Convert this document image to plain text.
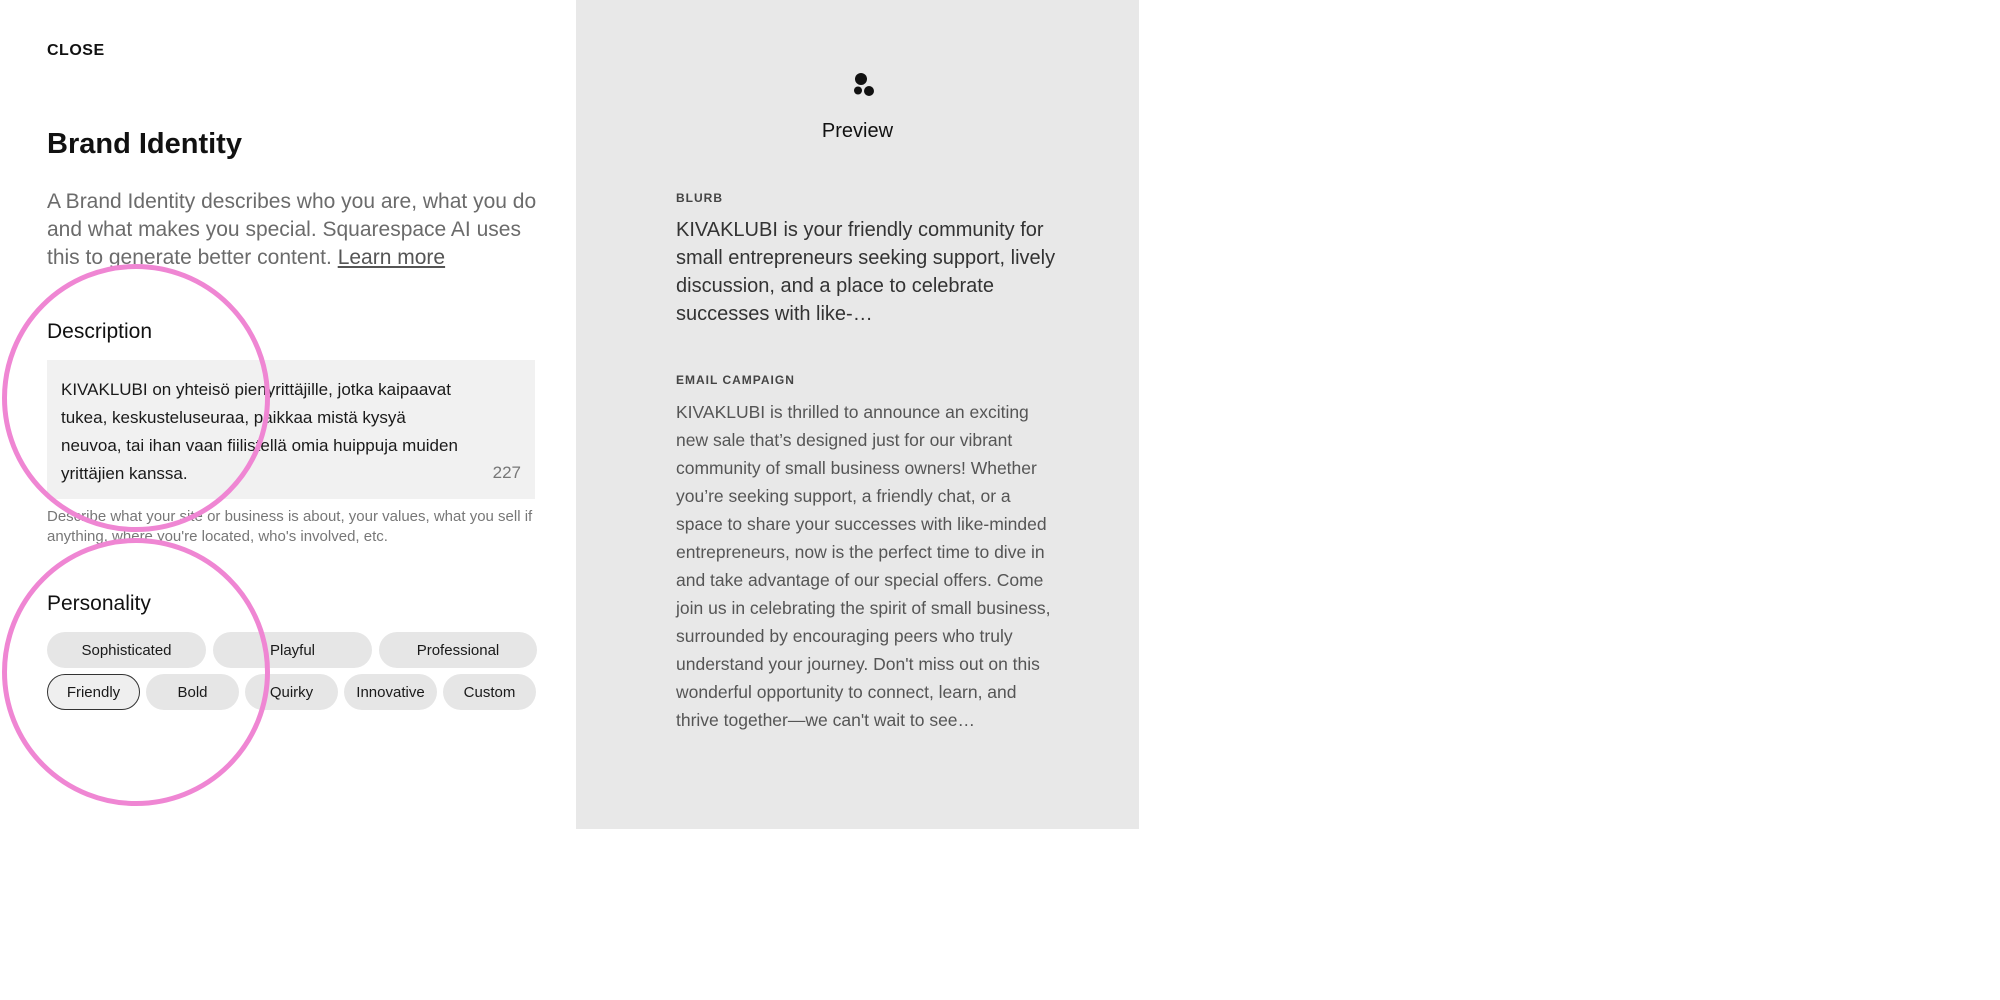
CLOSE
Brand Identity

A Brand Identity describes who you are, what you do and what makes you special. Squarespace AI uses this to generate better content. Learn more

Description
KIVAKLUBI on yhteisö pienyrittäjille, jotka kaipaavat tukea, keskusteluseuraa, paikkaa mistä kysyä neuvoa, tai ihan vaan fiilistellä omia huippuja muiden yrittäjien kanssa.	227

Describe what your site or business is about, your values, what you sell if anything, where you're located, who's involved, etc.

Personality
Sophisticated	Playful	Professional
Friendly	Bold	Quirky	Innovative	Custom
Preview
BLURB

KIVAKLUBI is your friendly community for small entrepreneurs seeking support, lively discussion, and a place to celebrate successes with like-…

EMAIL CAMPAIGN

KIVAKLUBI is thrilled to announce an exciting new sale that’s designed just for our vibrant community of small business owners! Whether you’re seeking support, a friendly chat, or a space to share your successes with like-minded entrepreneurs, now is the perfect time to dive in and take advantage of our special offers. Come join us in celebrating the spirit of small business, surrounded by encouraging peers who truly understand your journey. Don't miss out on this wonderful opportunity to connect, learn, and thrive together—we can't wait to see…
